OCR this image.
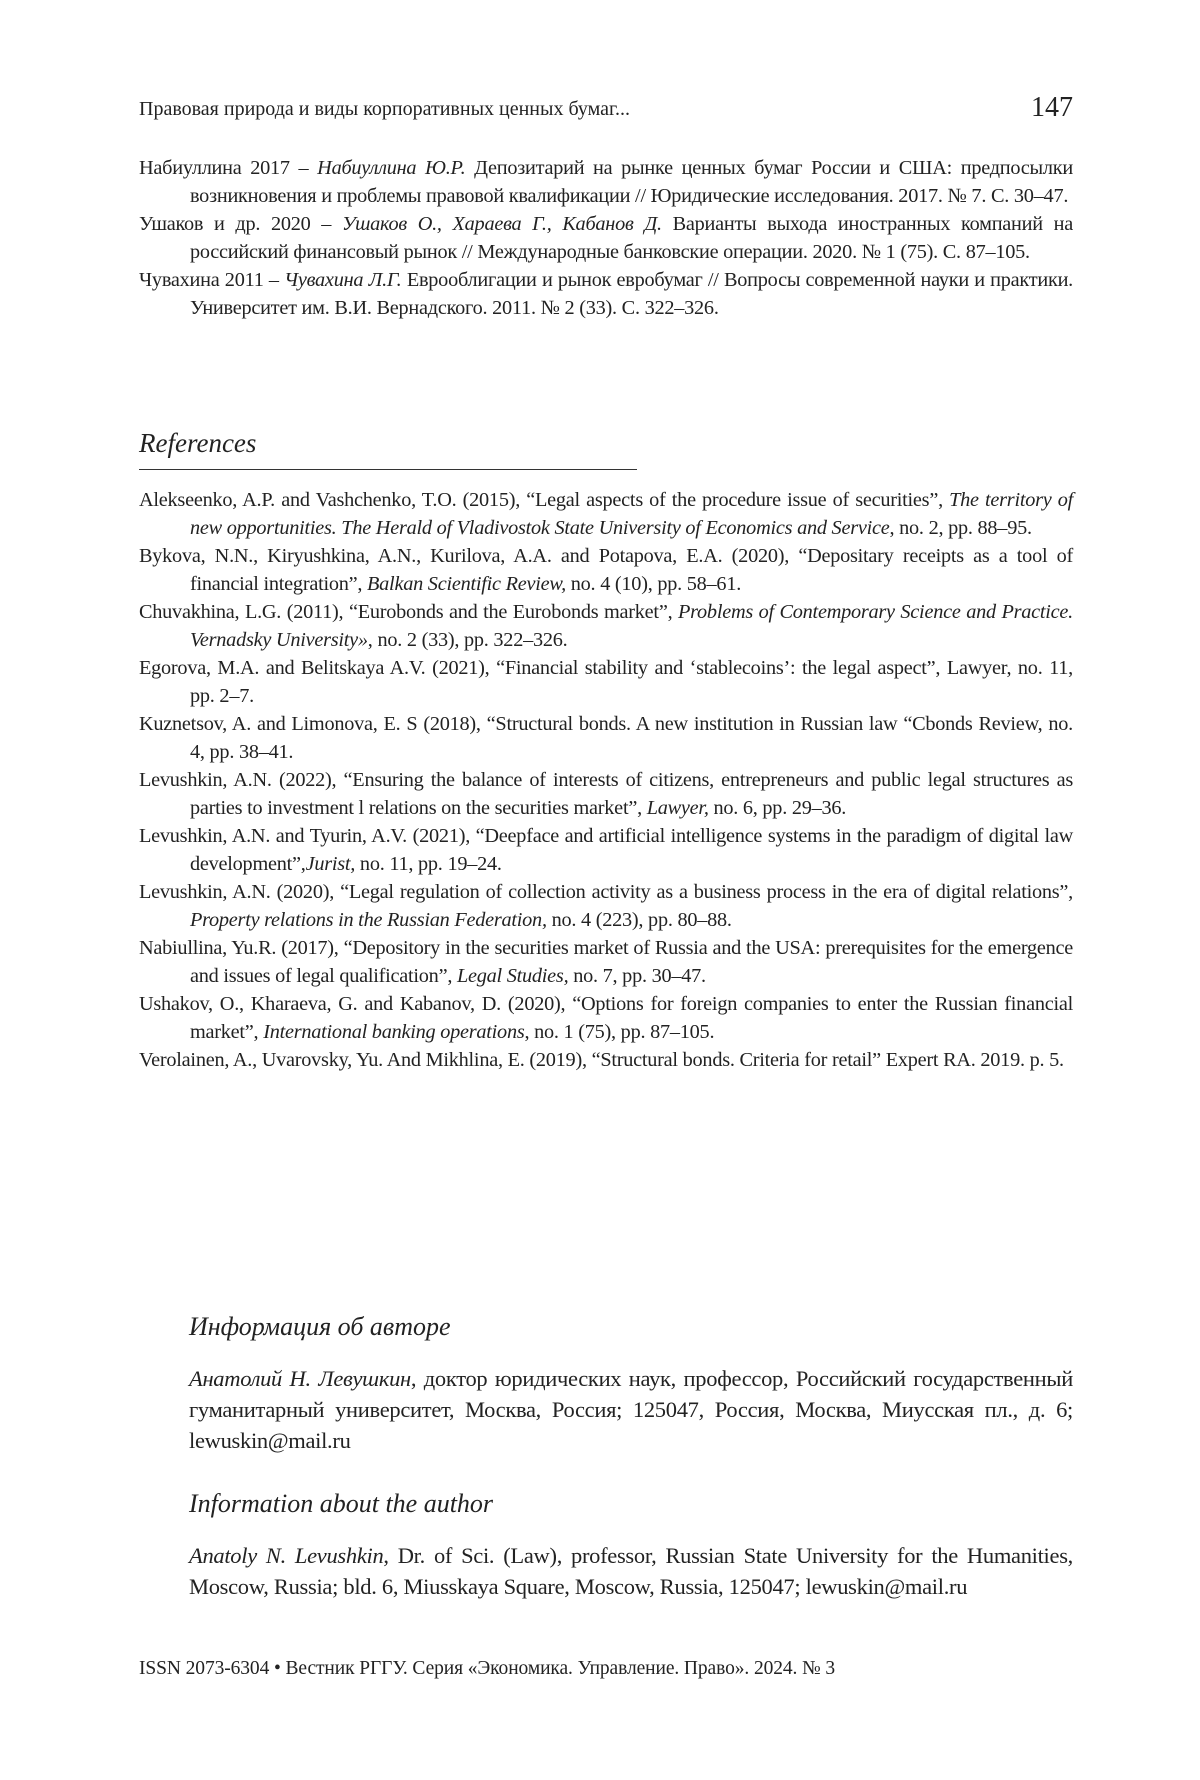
Правовая природа и виды корпоративных ценных бумаг...	147
Набиуллина 2017 – Набиуллина Ю.Р. Депозитарий на рынке ценных бумаг России и США: предпосылки возникновения и проблемы правовой квалификации // Юридические исследования. 2017. № 7. С. 30–47.
Ушаков и др. 2020 – Ушаков О., Хараева Г., Кабанов Д. Варианты выхода иностранных компаний на российский финансовый рынок // Международные банковские операции. 2020. № 1 (75). С. 87–105.
Чувахина 2011 – Чувахина Л.Г. Еврооблигации и рынок евробумаг // Вопросы современной науки и практики. Университет им. В.И. Вернадского. 2011. № 2 (33). С. 322–326.
References
Alekseenko, A.P. and Vashchenko, T.O. (2015), “Legal aspects of the procedure issue of securities”, The territory of new opportunities. The Herald of Vladivostok State University of Economics and Service, no. 2, pp. 88–95.
Bykova, N.N., Kiryushkina, A.N., Kurilova, A.A. and Potapova, E.A. (2020), “Depositary receipts as a tool of financial integration”, Balkan Scientific Review, no. 4 (10), pp. 58–61.
Chuvakhina, L.G. (2011), “Eurobonds and the Eurobonds market”, Problems of Contemporary Science and Practice. Vernadsky University», no. 2 (33), pp. 322–326.
Egorova, M.A. and Belitskaya A.V. (2021), “Financial stability and ‘stablecoins’: the legal aspect”, Lawyer, no. 11, pp. 2–7.
Kuznetsov, A. and Limonova, E. S (2018), “Structural bonds. A new institution in Russian law “Cbonds Review, no. 4, pp. 38–41.
Levushkin, A.N. (2022), “Ensuring the balance of interests of citizens, entrepreneurs and public legal structures as parties to investment l relations on the securities market”, Lawyer, no. 6, pp. 29–36.
Levushkin, A.N. and Tyurin, A.V. (2021), “Deepface and artificial intelligence systems in the paradigm of digital law development”,Jurist, no. 11, pp. 19–24.
Levushkin, A.N. (2020), “Legal regulation of collection activity as a business process in the era of digital relations”, Property relations in the Russian Federation, no. 4 (223), pp. 80–88.
Nabiullina, Yu.R. (2017), “Depository in the securities market of Russia and the USA: prerequisites for the emergence and issues of legal qualification”, Legal Studies, no. 7, pp. 30–47.
Ushakov, O., Kharaeva, G. and Kabanov, D. (2020), “Options for foreign companies to enter the Russian financial market”, International banking operations, no. 1 (75), pp. 87–105.
Verolainen, A., Uvarovsky, Yu. And Mikhlina, E. (2019), “Structural bonds. Criteria for retail” Expert RA. 2019. p. 5.
Информация об авторе
Анатолий Н. Левушкин, доктор юридических наук, профессор, Российский государственный гуманитарный университет, Москва, Россия; 125047, Россия, Москва, Миусская пл., д. 6; lewuskin@mail.ru
Information about the author
Anatoly N. Levushkin, Dr. of Sci. (Law), professor, Russian State University for the Humanities, Moscow, Russia; bld. 6, Miusskaya Square, Moscow, Russia, 125047; lewuskin@mail.ru
ISSN 2073-6304 • Вестник РГГУ. Серия «Экономика. Управление. Право». 2024. № 3
